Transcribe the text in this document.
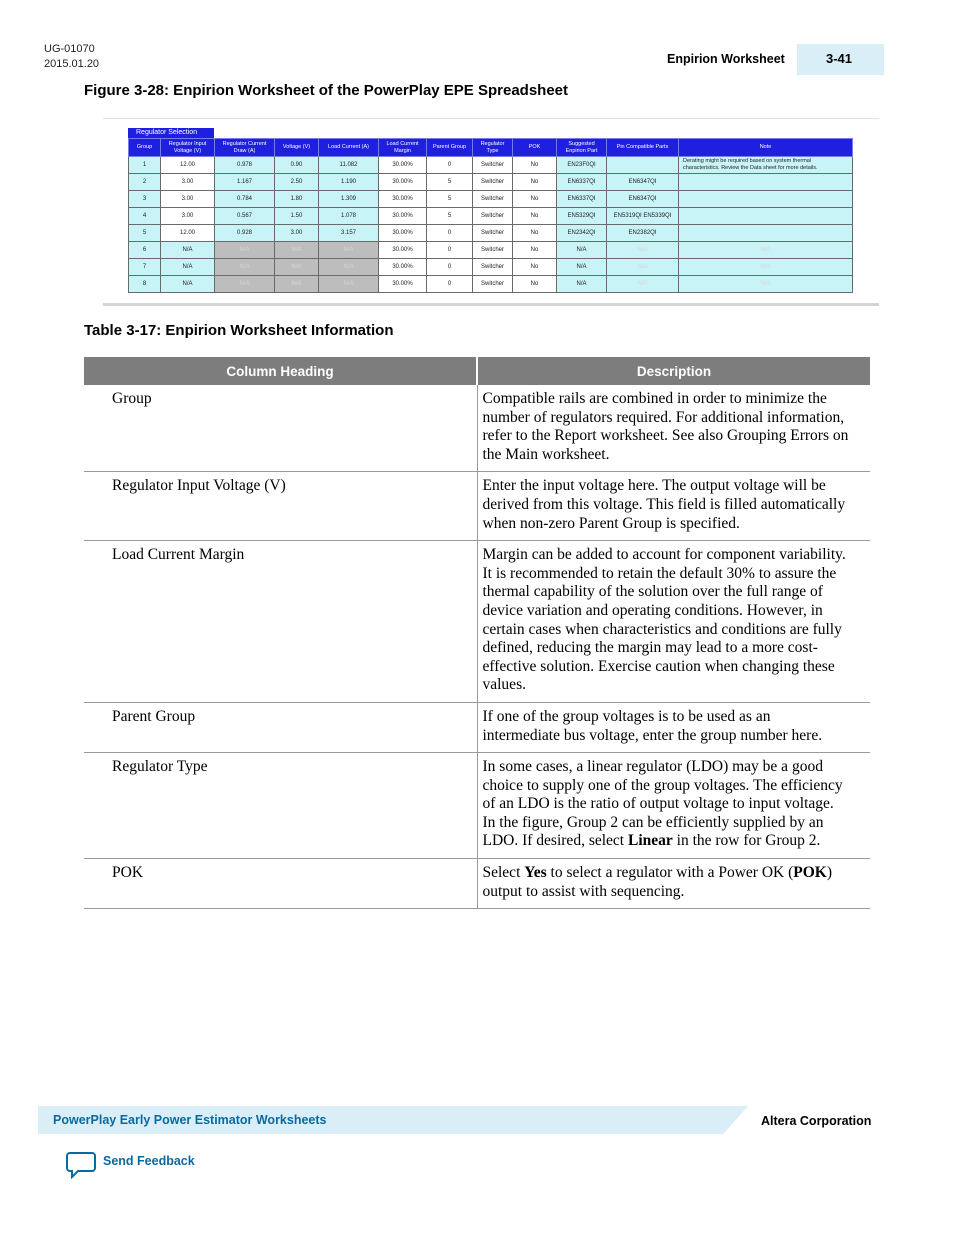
UG-01070
2015.01.20	Enpirion Worksheet	3-41
Figure 3-28: Enpirion Worksheet of the PowerPlay EPE Spreadsheet
Regulator Selection
Group	Regulator Input Voltage (V)	Regulator Current Draw (A)	Voltage (V)	Load Current (A)	Load Current Margin	Parent Group	Regulator Type	POK	Suggested Enpirion Part	Pin Compatible Parts	Note
1	12.00	0.978	0.90	11.082	30.00%	0	Switcher	No	EN23F0QI		Derating might be required based on system thermal characteristics. Review the Data sheet for more details.
2	3.00	1.167	2.50	1.190	30.00%	5	Switcher	No	EN6337QI	EN6347QI	
3	3.00	0.784	1.80	1.309	30.00%	5	Switcher	No	EN6337QI	EN6347QI	
4	3.00	0.567	1.50	1.078	30.00%	5	Switcher	No	EN5329QI	EN5319QI EN5339QI	
5	12.00	0.928	3.00	3.157	30.00%	0	Switcher	No	EN2342QI	EN2382QI	
6	N/A	N/A	N/A	N/A	30.00%	0	Switcher	No	N/A	N/A	N/A
7	N/A	N/A	N/A	N/A	30.00%	0	Switcher	No	N/A	N/A	N/A
8	N/A	N/A	N/A	N/A	30.00%	0	Switcher	No	N/A	N/A	N/A
Table 3-17: Enpirion Worksheet Information
Column Heading	Description
Group	Compatible rails are combined in order to minimize the number of regulators required. For additional information, refer to the Report worksheet. See also Grouping Errors on the Main worksheet.
Regulator Input Voltage (V)	Enter the input voltage here. The output voltage will be derived from this voltage. This field is filled automatically when non-zero Parent Group is specified.
Load Current Margin	Margin can be added to account for component variability. It is recommended to retain the default 30% to assure the thermal capability of the solution over the full range of device variation and operating conditions. However, in certain cases when characteristics and conditions are fully defined, reducing the margin may lead to a more cost-effective solution. Exercise caution when changing these values.
Parent Group	If one of the group voltages is to be used as an intermediate bus voltage, enter the group number here.
Regulator Type	In some cases, a linear regulator (LDO) may be a good choice to supply one of the group voltages. The efficiency of an LDO is the ratio of output voltage to input voltage. In the figure, Group 2 can be efficiently supplied by an LDO. If desired, select Linear in the row for Group 2.
POK	Select Yes to select a regulator with a Power OK (POK) output to assist with sequencing.
PowerPlay Early Power Estimator Worksheets	Altera Corporation
Send Feedback
